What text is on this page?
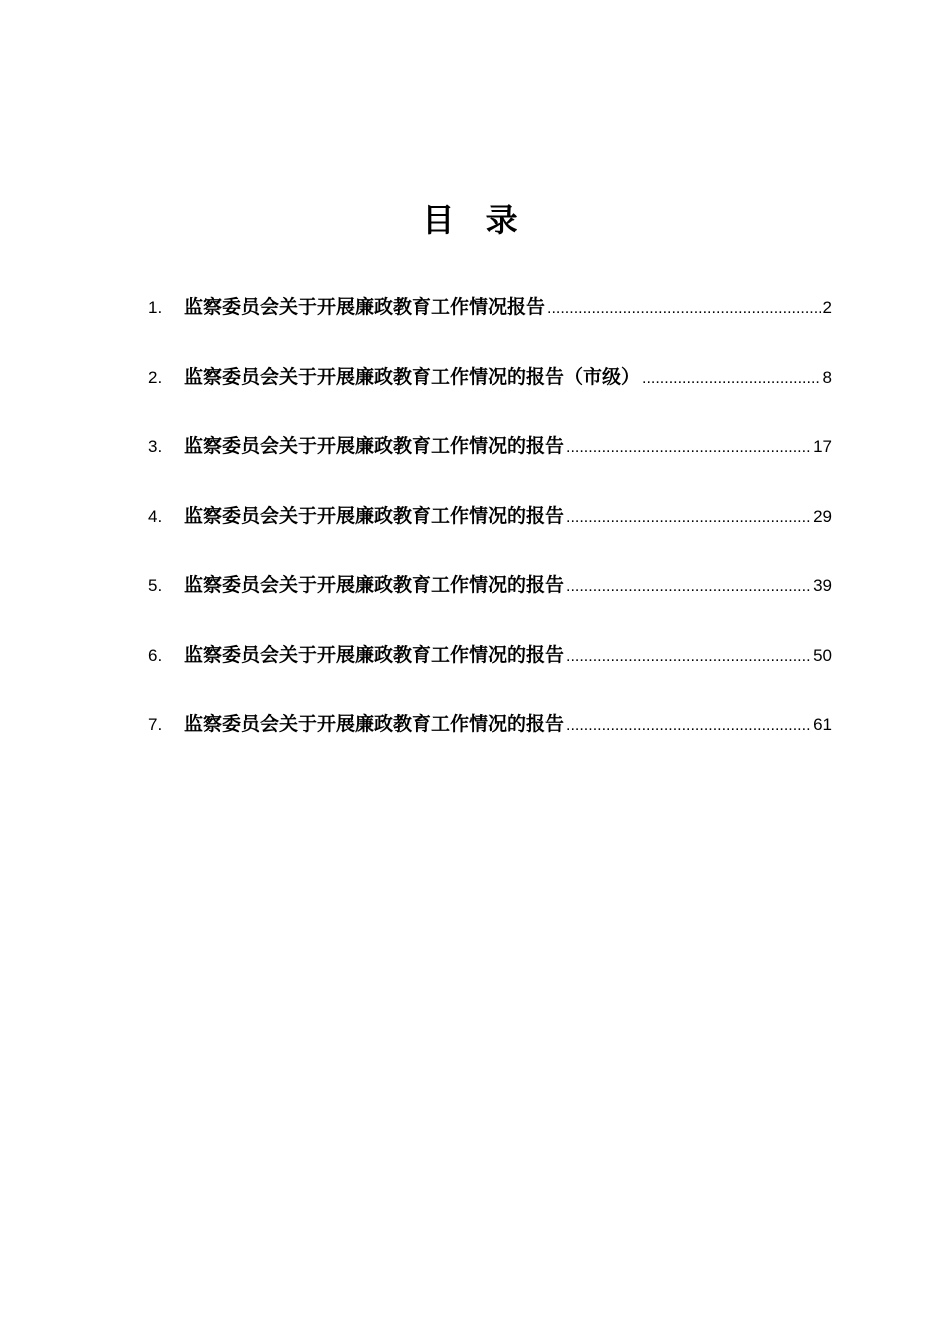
目 录
1.	监察委员会关于开展廉政教育工作情况报告 .....	2
2.	监察委员会关于开展廉政教育工作情况的报告（市级） .....	8
3.	监察委员会关于开展廉政教育工作情况的报告 .....	17
4.	监察委员会关于开展廉政教育工作情况的报告 .....	29
5.	监察委员会关于开展廉政教育工作情况的报告 .....	39
6.	监察委员会关于开展廉政教育工作情况的报告 .....	50
7.	监察委员会关于开展廉政教育工作情况的报告 .....	61
